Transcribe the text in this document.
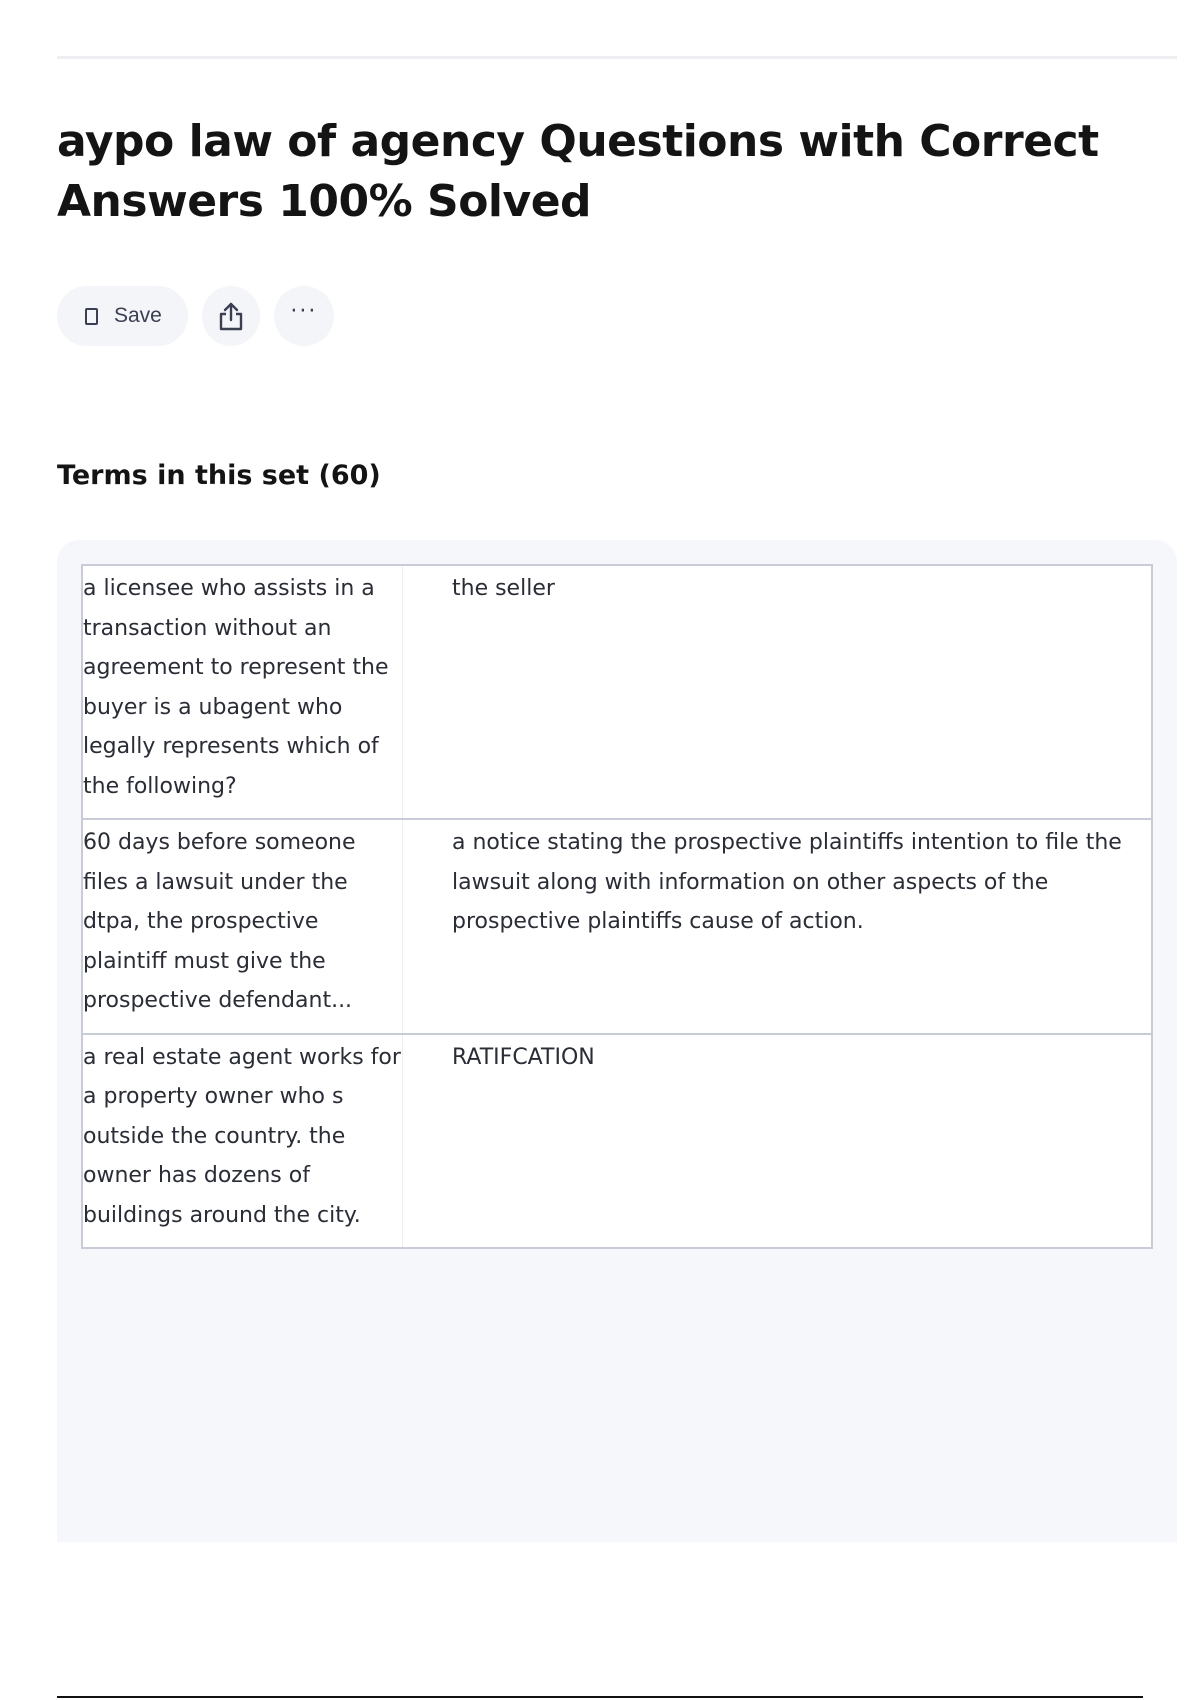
aypo law of agency Questions with Correct Answers 100% Solved
Save	···
Terms in this set (60)
a licensee who assists in a transaction without an agreement to represent the buyer is a ubagent who legally represents which of the following?
the seller
60 days before someone files a lawsuit under the dtpa, the prospective plaintiff must give the prospective defendant...
a notice stating the prospective plaintiffs intention to file the lawsuit along with information on other aspects of the prospective plaintiffs cause of action.
a real estate agent works for a property owner who s outside the country. the owner has dozens of buildings around the city.
RATIFCATION
